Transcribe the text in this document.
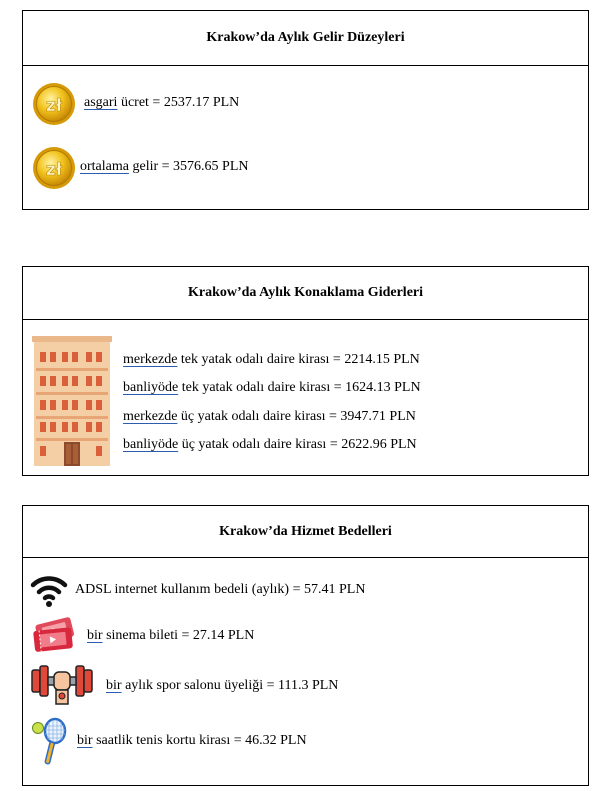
Krakow’da Aylık Gelir Düzeyleri
zł asgari ücret = 2537.17 PLN
zł ortalama gelir = 3576.65 PLN
Krakow’da Aylık Konaklama Giderleri
merkezde tek yatak odalı daire kirası = 2214.15 PLN
banliyöde tek yatak odalı daire kirası = 1624.13 PLN
merkezde üç yatak odalı daire kirası = 3947.71 PLN
banliyöde üç yatak odalı daire kirası = 2622.96 PLN
Krakow’da Hizmet Bedelleri
ADSL internet kullanım bedeli (aylık) = 57.41 PLN
bir sinema bileti = 27.14 PLN
bir aylık spor salonu üyeliği = 111.3 PLN
bir saatlik tenis kortu kirası = 46.32 PLN
